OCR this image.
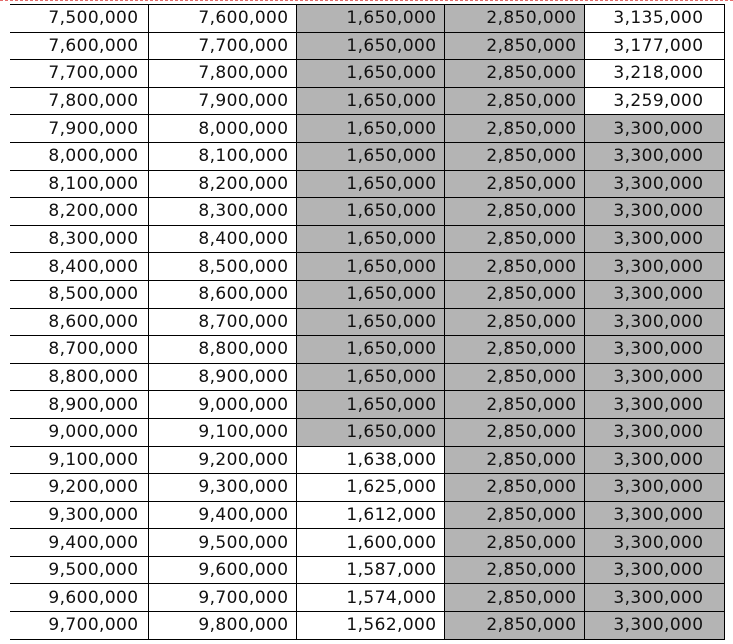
7,500,000	7,600,000	1,650,000	2,850,000	3,135,000
7,600,000	7,700,000	1,650,000	2,850,000	3,177,000
7,700,000	7,800,000	1,650,000	2,850,000	3,218,000
7,800,000	7,900,000	1,650,000	2,850,000	3,259,000
7,900,000	8,000,000	1,650,000	2,850,000	3,300,000
8,000,000	8,100,000	1,650,000	2,850,000	3,300,000
8,100,000	8,200,000	1,650,000	2,850,000	3,300,000
8,200,000	8,300,000	1,650,000	2,850,000	3,300,000
8,300,000	8,400,000	1,650,000	2,850,000	3,300,000
8,400,000	8,500,000	1,650,000	2,850,000	3,300,000
8,500,000	8,600,000	1,650,000	2,850,000	3,300,000
8,600,000	8,700,000	1,650,000	2,850,000	3,300,000
8,700,000	8,800,000	1,650,000	2,850,000	3,300,000
8,800,000	8,900,000	1,650,000	2,850,000	3,300,000
8,900,000	9,000,000	1,650,000	2,850,000	3,300,000
9,000,000	9,100,000	1,650,000	2,850,000	3,300,000
9,100,000	9,200,000	1,638,000	2,850,000	3,300,000
9,200,000	9,300,000	1,625,000	2,850,000	3,300,000
9,300,000	9,400,000	1,612,000	2,850,000	3,300,000
9,400,000	9,500,000	1,600,000	2,850,000	3,300,000
9,500,000	9,600,000	1,587,000	2,850,000	3,300,000
9,600,000	9,700,000	1,574,000	2,850,000	3,300,000
9,700,000	9,800,000	1,562,000	2,850,000	3,300,000
